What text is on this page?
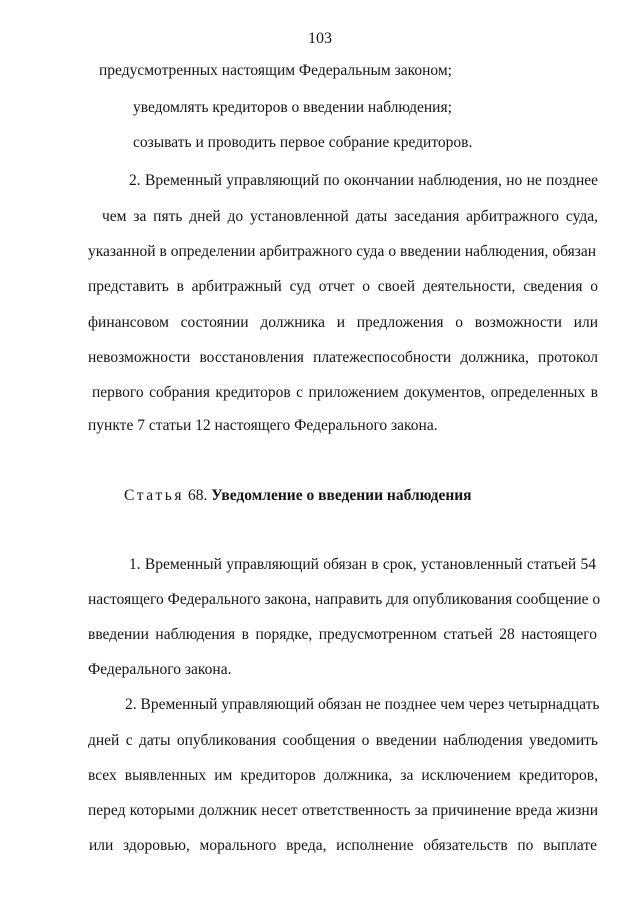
103
предусмотренных настоящим Федеральным законом;
уведомлять кредиторов о введении наблюдения;
созывать и проводить первое собрание кредиторов.
2. Временный управляющий по окончании наблюдения, но не позднее
чем за пять дней до установленной даты заседания арбитражного суда,
указанной в определении арбитражного суда о введении наблюдения, обязан
представить в арбитражный суд отчет о своей деятельности, сведения о
финансовом состоянии должника и предложения о возможности или
невозможности восстановления платежеспособности должника, протокол
первого собрания кредиторов с приложением документов, определенных в
пункте 7 статьи 12 настоящего Федерального закона.
Статья 68. Уведомление о введении наблюдения
1. Временный управляющий обязан в срок, установленный статьей 54
настоящего Федерального закона, направить для опубликования сообщение о
введении наблюдения в порядке, предусмотренном статьей 28 настоящего
Федерального закона.
2. Временный управляющий обязан не позднее чем через четырнадцать
дней с даты опубликования сообщения о введении наблюдения уведомить
всех выявленных им кредиторов должника, за исключением кредиторов,
перед которыми должник несет ответственность за причинение вреда жизни
или здоровью, морального вреда, исполнение обязательств по выплате
